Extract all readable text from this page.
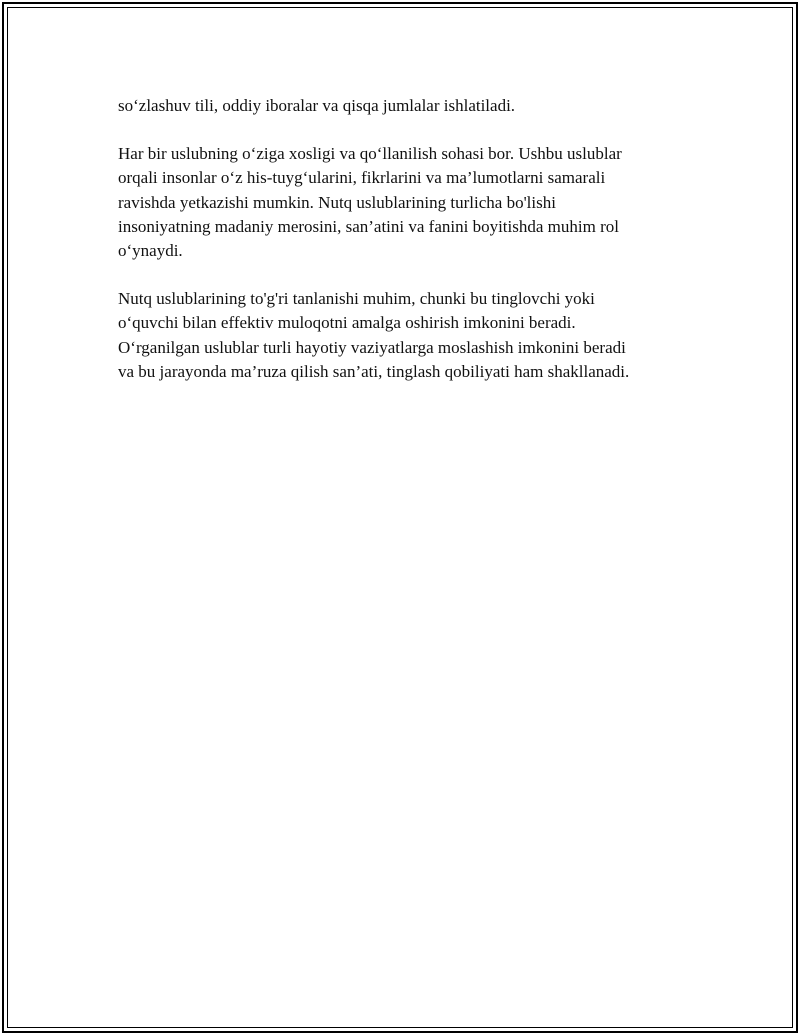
so‘zlashuv tili, oddiy iboralar va qisqa jumlalar ishlatiladi.

Har bir uslubning o‘ziga xosligi va qo‘llanilish sohasi bor. Ushbu uslublar
orqali insonlar o‘z his-tuyg‘ularini, fikrlarini va ma’lumotlarni samarali
ravishda yetkazishi mumkin. Nutq uslublarining turlicha bo'lishi
insoniyatning madaniy merosini, san’atini va fanini boyitishda muhim rol
o‘ynaydi.

Nutq uslublarining to'g'ri tanlanishi muhim, chunki bu tinglovchi yoki
o‘quvchi bilan effektiv muloqotni amalga oshirish imkonini beradi.
O‘rganilgan uslublar turli hayotiy vaziyatlarga moslashish imkonini beradi
va bu jarayonda ma’ruza qilish san’ati, tinglash qobiliyati ham shakllanadi.
